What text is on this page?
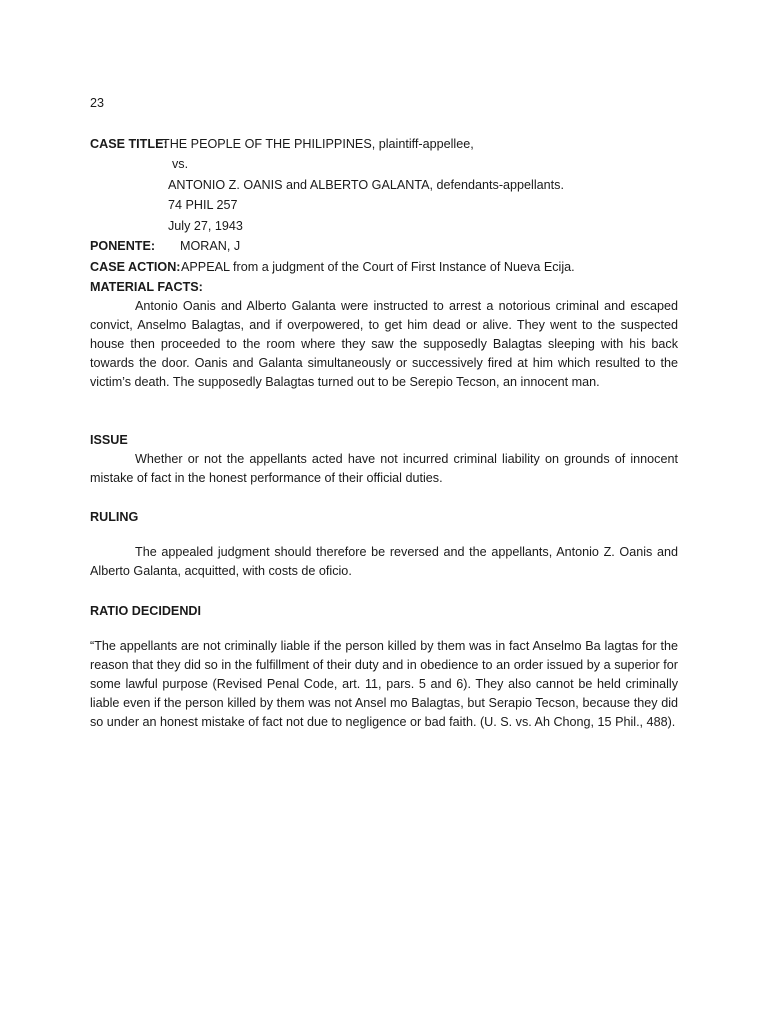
23
CASE TITLE:
THE PEOPLE OF THE PHILIPPINES, plaintiff-appellee,
vs.
ANTONIO Z. OANIS and ALBERTO GALANTA, defendants-appellants.
74 PHIL 257
July 27, 1943
PONENTE: MORAN, J
CASE ACTION: APPEAL from a judgment of the Court of First Instance of Nueva Ecija.
MATERIAL FACTS:

Antonio Oanis and Alberto Galanta were instructed to arrest a notorious criminal and escaped convict, Anselmo Balagtas, and if overpowered, to get him dead or alive. They went to the suspected house then proceeded to the room where they saw the supposedly Balagtas sleeping with his back towards the door. Oanis and Galanta simultaneously or successively fired at him which resulted to the victim’s death. The supposedly Balagtas turned out to be Serepio Tecson, an innocent man.

ISSUE

Whether or not the appellants acted have not incurred criminal liability on grounds of innocent mistake of fact in the honest performance of their official duties.

RULING

The appealed judgment should therefore be reversed and the appellants, Antonio Z. Oanis and Alberto Galanta, acquitted, with costs de oficio.

RATIO DECIDENDI

“The appellants are not criminally liable if the person killed by them was in fact Anselmo Ba lagtas for the reason that they did so in the fulfillment of their duty and in obedience to an order issued by a superior for some lawful purpose (Revised Penal Code, art. 11, pars. 5 and 6). They also cannot be held criminally liable even if the person killed by them was not Ansel mo Balagtas, but Serapio Tecson, because they did so under an honest mistake of fact not due to negligence or bad faith. (U. S. vs. Ah Chong, 15 Phil., 488).
